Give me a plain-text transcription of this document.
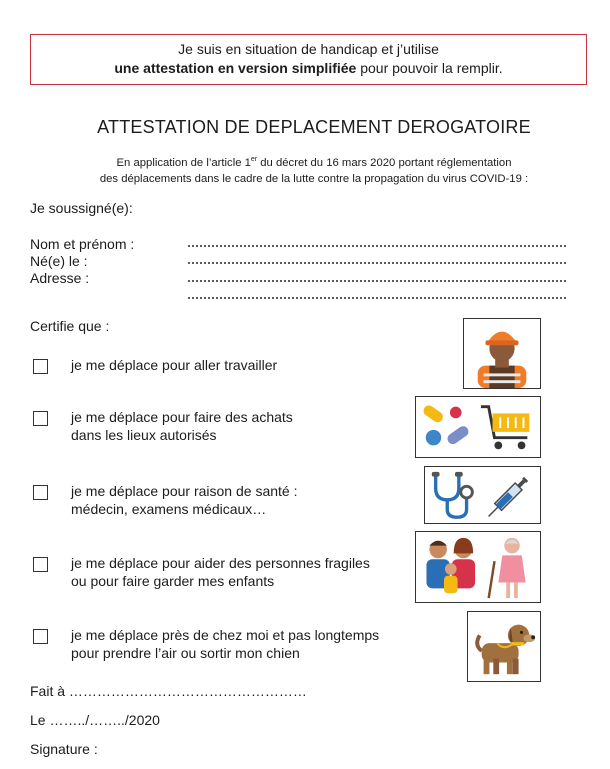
Je suis en situation de handicap et j’utilise
une attestation en version simplifiée pour pouvoir la remplir.
ATTESTATION DE DEPLACEMENT DEROGATOIRE
En application de l’article 1er du décret du 16 mars 2020 portant réglementation
des déplacements dans le cadre de la lutte contre la propagation du virus COVID-19 :
Je soussigné(e):
Nom et prénom :
Né(e) le :
Adresse :
Certifie que :
je me déplace pour aller travailler
je me déplace pour faire des achats
dans les lieux autorisés
je me déplace pour raison de santé :
médecin, examens médicaux…
je me déplace pour aider des personnes fragiles
ou pour faire garder mes enfants
je me déplace près de chez moi et pas longtemps
pour prendre l’air ou sortir mon chien
Fait à ……………………………………………
Le ……../……../2020
Signature :
